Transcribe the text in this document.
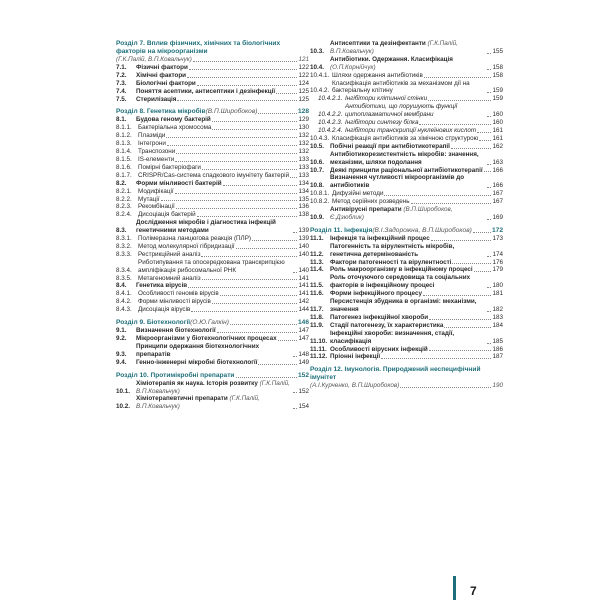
Розділ 7. Вплив фізичних, хімічних та біологічних факторів на мікроорганізми
(Г.К.Палій, В.П.Ковальчук)	121
7.1.	Фізичні фактори	122
7.2.	Хімічні фактори	122
7.3.	Біологічні фактори	124
7.4.	Поняття асептики, антисептики і дезінфекції	125
7.5.	Стерилізація	125
Розділ 8. Генетика мікробів (В.П.Широбоков)	128
8.1.	Будова геному бактерій	129
8.1.1. Бактеріальна хромосома	130
8.1.2. Плазміди	132
8.1.3. Інтегрони	132
8.1.4. Транспозони	132
8.1.5. IS-елементи	133
8.1.6. Помірні бактеріофаги	133
8.1.7. CRISPR/Cas-система спадкового імунітету бактерій 133
8.2.	Форми мінливості бактерій	134
8.2.1. Модифікації	134
8.2.2. Мутації	135
8.2.3. Рекомбінації	136
8.2.4. Дисоціація бактерій	138
8.3.
Дослідження мікробів і діагностика інфекцій генетичними методами	139
8.3.1. Полімеразна ланцюгова реакція (ПЛР)	139
8.3.2. Метод молекулярної гібридизації	140
8.3.3. Рестрикційний аналіз	140
8.3.4.
Риботипування та опосередкована транскрипцією ампліфікація рибосомальної РНК	140
8.3.5. Метагеномний аналіз	141
8.4.	Генетика вірусів	141
8.4.1. Особливості геномів вірусів	141
8.4.2. Форми мінливості вірусів	142
8.4.3. Дисоціація вірусів	144
Розділ 9. Біотехнології (О.Ю.Галкін)	146
9.1.	Визначення біотехнології	147
9.2.	Мікроорганізми у біотехнологічних процесах	147
9.3.
Принципи одержання біотехнологічних препаратів	148
9.4.	Генно-інженерні мікробні біотехнології	149
Розділ 10. Протимікробні препарати	152
10.1.
Хіміотерапія як наука. Історія розвитку (Г.К.Палій, В.П.Ковальчук)	152
10.2.
Хіміотерапевтичні препарати (Г.К.Палій, В.П.Ковальчук)	154
10.3.
Антисептики та дезінфектанти (Г.К.Палій, В.П.Ковальчук)	155
10.4.
Антибіотики. Одержання. Класифікація (О.П.Корнійчук)	158
10.4.1. Шляхи одержання антибіотиків	158
10.4.2.
Класифікація антибіотиків за механізмом дії на бактеріальну клітину	159
10.4.2.1. Інгібітори клітинної стінки	159
10.4.2.2.
Антибіотики, що порушують функції цитоплазматичної мембрани	160
10.4.2.3. Інгібітори синтезу білка	160
10.4.2.4. Інгібітори транскрипції нуклеїнових кислот	161
10.4.3. Класифікація антибіотиків за хімічною структурою 161
10.5. Побічні реакції при антибіотикотерапії	162
10.6.
Антибіотикорезистентність мікробів: значення, механізми, шляхи подолання	163
10.7. Деякі принципи раціональної антибіотикотерапії 166
10.8.
Визначення чутливості мікроорганізмів до антибіотиків	166
10.8.1. Дифузійні методи	167
10.8.2. Метод серійних розведень	167
10.9.
Антивірусні препарати (В.П.Широбоков, Є.Дзюблик)	169
Розділ 11. Інфекція (В.І.Задорожна, В.П.Широбоков)	172
11.1.	Інфекція та інфекційний процес	173
11.2.
Патогенність та вірулентність мікробів, генетична детермінованість	174
11.3.	Фактори патогенності та вірулентності	176
11.4.	Роль макроорганізму в інфекційному процесі	179
11.5.
Роль оточуючого середовища та соціальних факторів в інфекційному процесі	180
11.6.	Форми інфекційного процесу	181
11.7.
Персистенція збудника в організмі: механізми, значення	182
11.8.	Патогенез інфекційної хвороби	183
11.9.	Стадії патогенезу, їх характеристика	184
11.10.
Інфекційні хвороби: визначення, стадії, класифікація	185
11.11. Особливості вірусних інфекцій	186
11.12. Пріонні інфекції	187
Розділ 12. Імунологія. Природжений неспецифічний імунітет
(А.І.Курченко, В.П.Широбоков)	190
7
